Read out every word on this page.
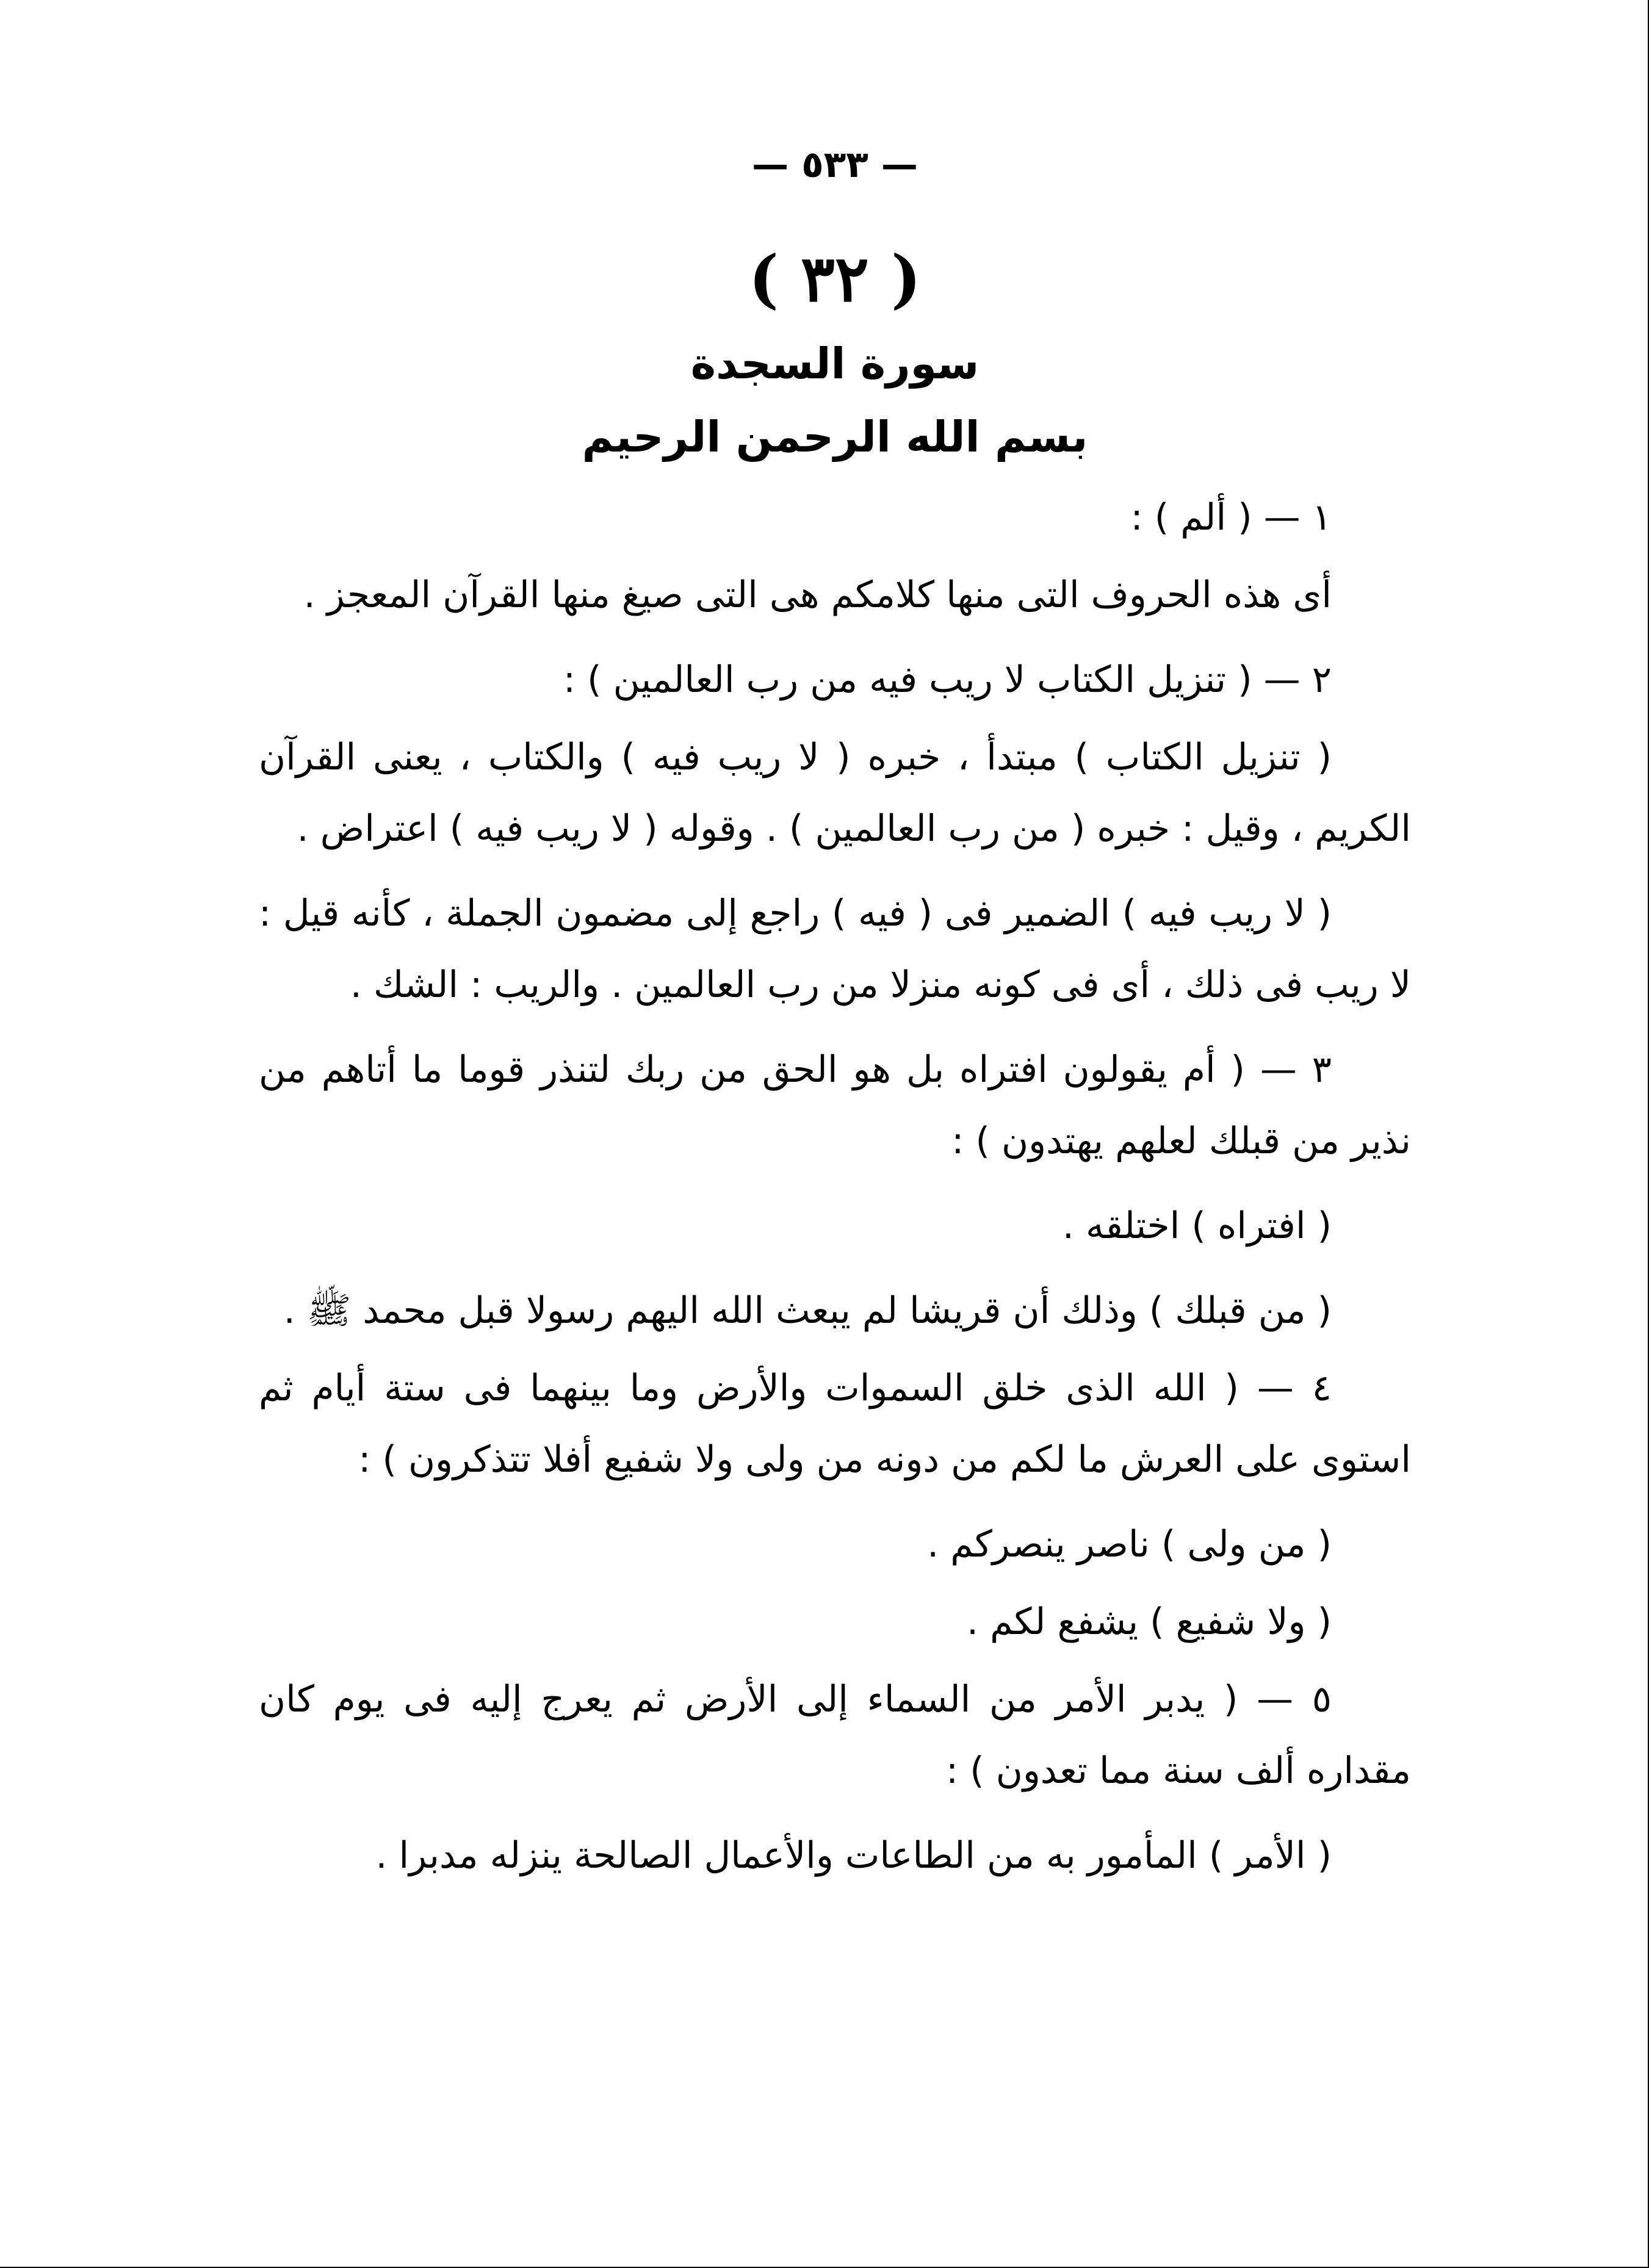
— ٥٣٣ —
( ٣٢ )
سورة السجدة
بسم الله الرحمن الرحيم

١ — ( ألم ) :

أى هذه الحروف التى منها كلامكم هى التى صيغ منها القرآن المعجز .

٢ — ( تنزيل الكتاب لا ريب فيه من رب العالمين ) :

( تنزيل الكتاب ) مبتدأ ، خبره ( لا ريب فيه ) والكتاب ، يعنى القرآن الكريم ، وقيل : خبره ( من رب العالمين ) . وقوله ( لا ريب فيه ) اعتراض .

( لا ريب فيه ) الضمير فى ( فيه ) راجع إلى مضمون الجملة ، كأنه قيل : لا ريب فى ذلك ، أى فى كونه منزلا من رب العالمين . والريب : الشك .

٣ — ( أم يقولون افتراه بل هو الحق من ربك لتنذر قوما ما أتاهم من نذير من قبلك لعلهم يهتدون ) :

( افتراه ) اختلقه .

( من قبلك ) وذلك أن قريشا لم يبعث الله اليهم رسولا قبل محمد ﷺ .

٤ — ( الله الذى خلق السموات والأرض وما بينهما فى ستة أيام ثم استوى على العرش ما لكم من دونه من ولى ولا شفيع أفلا تتذكرون ) :

( من ولى ) ناصر ينصركم .

( ولا شفيع ) يشفع لكم .

٥ — ( يدبر الأمر من السماء إلى الأرض ثم يعرج إليه فى يوم كان مقداره ألف سنة مما تعدون ) :

( الأمر ) المأمور به من الطاعات والأعمال الصالحة ينزله مدبرا .
